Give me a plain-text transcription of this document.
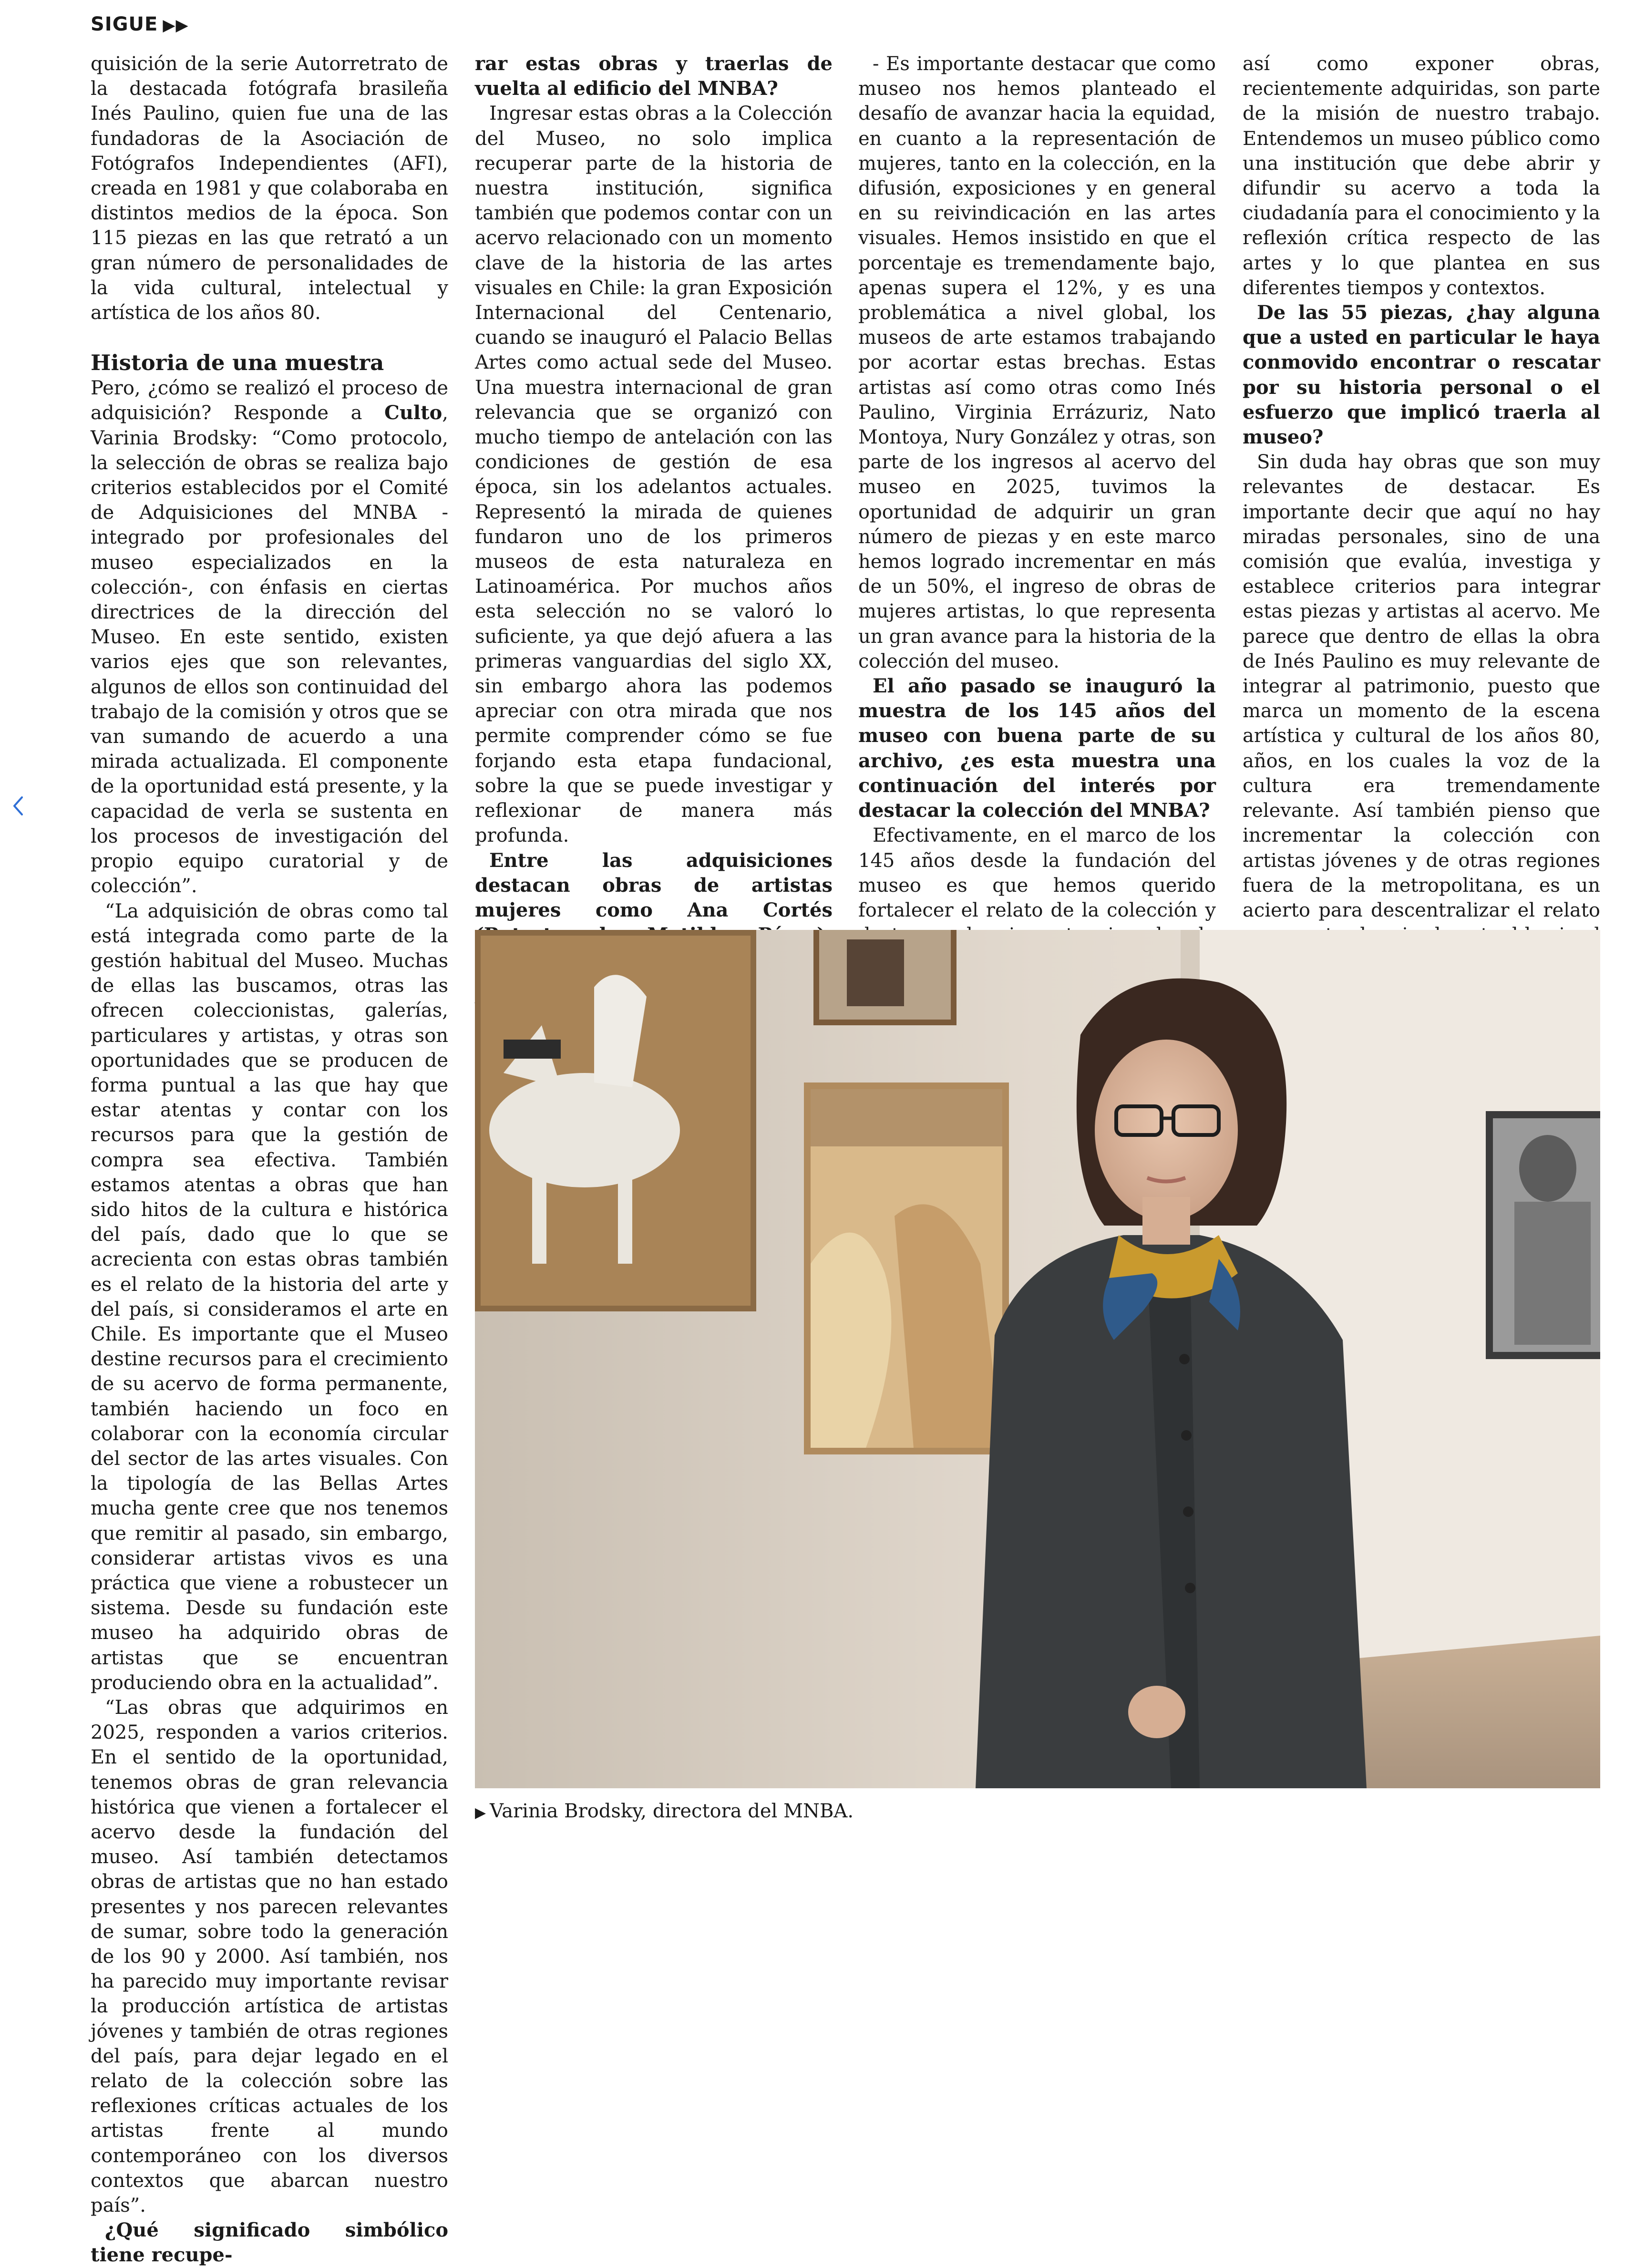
SIGUE ▶▶

quisición de la serie Autorretrato de la destacada fotógrafa brasileña Inés Paulino, quien fue una de las fundadoras de la Asociación de Fotógrafos Independientes (AFI), creada en 1981 y que colaboraba en distintos medios de la época. Son 115 piezas en las que retrató a un gran número de personalidades de la vida cultural, intelectual y artística de los años 80.

Historia de una muestra

Pero, ¿cómo se realizó el proceso de adquisición? Responde a Culto, Varinia Brodsky: “Como protocolo, la selección de obras se realiza bajo criterios establecidos por el Comité de Adquisiciones del MNBA -integrado por profesionales del museo especializados en la colección-, con énfasis en ciertas directrices de la dirección del Museo. En este sentido, existen varios ejes que son relevantes, algunos de ellos son continuidad del trabajo de la comisión y otros que se van sumando de acuerdo a una mirada actualizada. El componente de la oportunidad está presente, y la capacidad de verla se sustenta en los procesos de investigación del propio equipo curatorial y de colección”.

“La adquisición de obras como tal está integrada como parte de la gestión habitual del Museo. Muchas de ellas las buscamos, otras las ofrecen coleccionistas, galerías, particulares y artistas, y otras son oportunidades que se producen de forma puntual a las que hay que estar atentas y contar con los recursos para que la gestión de compra sea efectiva. También estamos atentas a obras que han sido hitos de la cultura e histórica del país, dado que lo que se acrecienta con estas obras también es el relato de la historia del arte y del país, si consideramos el arte en Chile. Es importante que el Museo destine recursos para el crecimiento de su acervo de forma permanente, también haciendo un foco en colaborar con la economía circular del sector de las artes visuales. Con la tipología de las Bellas Artes mucha gente cree que nos tenemos que remitir al pasado, sin embargo, considerar artistas vivos es una práctica que viene a robustecer un sistema. Desde su fundación este museo ha adquirido obras de artistas que se encuentran produciendo obra en la actualidad”.

“Las obras que adquirimos en 2025, responden a varios criterios. En el sentido de la oportunidad, tenemos obras de gran relevancia histórica que vienen a fortalecer el acervo desde la fundación del museo. Así también detectamos obras de artistas que no han estado presentes y nos parecen relevantes de sumar, sobre todo la generación de los 90 y 2000. Así también, nos ha parecido muy importante revisar la producción artística de artistas jóvenes y también de otras regiones del país, para dejar legado en el relato de la colección sobre las reflexiones críticas actuales de los artistas frente al mundo contemporáneo con los diversos contextos que abarcan nuestro país”.

¿Qué significado simbólico tiene recupe-

rar estas obras y traerlas de vuelta al edificio del MNBA?

Ingresar estas obras a la Colección del Museo, no solo implica recuperar parte de la historia de nuestra institución, significa también que podemos contar con un acervo relacionado con un momento clave de la historia de las artes visuales en Chile: la gran Exposición Internacional del Centenario, cuando se inauguró el Palacio Bellas Artes como actual sede del Museo. Una muestra internacional de gran relevancia que se organizó con mucho tiempo de antelación con las condiciones de gestión de esa época, sin los adelantos actuales. Representó la mirada de quienes fundaron uno de los primeros museos de esta naturaleza en Latinoamérica. Por muchos años esta selección no se valoró lo suficiente, ya que dejó afuera a las primeras vanguardias del siglo XX, sin embargo ahora las podemos apreciar con otra mirada que nos permite comprender cómo se fue forjando esta etapa fundacional, sobre la que se puede investigar y reflexionar de manera más profunda.

Entre las adquisiciones destacan obras de artistas mujeres como Ana Cortés

- Es importante destacar que como museo nos hemos planteado el desafío de avanzar hacia la equidad, en cuanto a la representación de mujeres, tanto en la colección, en la difusión, exposiciones y en general en su reivindicación en las artes visuales. Hemos insistido en que el porcentaje es tremendamente bajo, apenas supera el 12%, y es una problemática a nivel global, los museos de arte estamos trabajando por acortar estas brechas. Estas artistas así como otras como Inés Paulino, Virginia Errázuriz, Nato Montoya, Nury González y otras, son parte de los ingresos al acervo del museo en 2025, tuvimos la oportunidad de adquirir un gran número de piezas y en este marco hemos logrado incrementar en más de un 50%, el ingreso de obras de mujeres artistas, lo que representa un gran avance para la historia de la colección del museo.

El año pasado se inauguró la muestra de los 145 años del museo con buena parte de su archivo, ¿es esta muestra una continuación del interés por destacar la colección del MNBA?

Efectivamente, en el marco de los 145 años desde la fundación del museo es que hemos querido fortalecer el relato de la colección y

así como exponer obras, recientemente adquiridas, son parte de la misión de nuestro trabajo. Entendemos un museo público como una institución que debe abrir y difundir su acervo a toda la ciudadanía para el conocimiento y la reflexión crítica respecto de las artes y lo que plantea en sus diferentes tiempos y contextos.

De las 55 piezas, ¿hay alguna que a usted en particular le haya conmovido encontrar o rescatar por su historia personal o el esfuerzo que implicó traerla al museo?

Sin duda hay obras que son muy relevantes de destacar. Es importante decir que aquí no hay miradas personales, sino de una comisión que evalúa, investiga y establece criterios para integrar estas piezas y artistas al acervo. Me parece que dentro de ellas la obra de Inés Paulino es muy relevante de integrar al patrimonio, puesto que marca un momento de la escena artística y cultural de los años 80, años, en los cuales la voz de la cultura era tremendamente relevante. Así también pienso que incrementar la colección con artistas jóvenes y de otras regiones fuera de la metropolitana, es un acierto para descentralizar el relato

▶ Varinia Brodsky, directora del MNBA.
